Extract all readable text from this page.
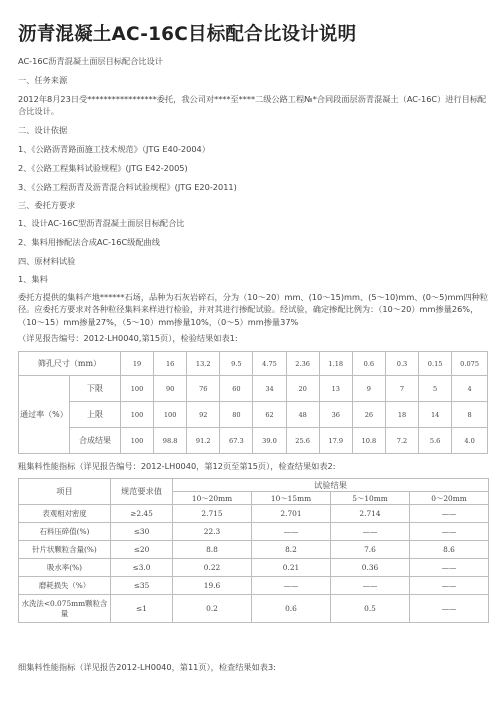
沥青混凝土AC-16C目标配合比设计说明

AC-16C沥青混凝土面层目标配合比设计

一、任务来源

2012年8月23日受*****************委托，我公司对****至****二级公路工程№*合同段面层沥青混凝土（AC-16C）进行目标配合比设计。

二、设计依据

1、《公路沥青路面施工技术规范》（JTG E40-2004）

2、《公路工程集料试验规程》(JTG E42-2005)

3、《公路工程沥青及沥青混合料试验规程》(JTG E20-2011)

三、委托方要求

1、设计AC-16C型沥青混凝土面层目标配合比

2、集料用掺配法合成AC-16C级配曲线

四、原材料试验

1、集料

委托方提供的集料产地******石场，品种为石灰岩碎石，分为（10～20）mm、(10～15)mm、(5～10)mm、(0～5)mm四种粒径。应委托方要求对各种粒径集料来样进行检验，并对其进行掺配试验。经试验，确定掺配比例为：（10～20）mm掺量26%，（10～15）mm掺量27%，（5～10）mm掺量10%，（0～5）mm掺量37%

（详见报告编号：2012-LH0040,第15页），检验结果如表1:

筛孔尺寸（mm）		19	16	13.2	9.5	4.75	2.36	1.18	0.6	0.3	0.15	0.075
通过率（%）	下限	100	90	76	60	34	20	13	9	7	5	4
	上限	100	100	92	80	62	48	36	26	18	14	8
	合成结果	100	98.8	91.2	67.3	39.0	25.6	17.9	10.8	7.2	5.6	4.0

粗集料性能指标（详见报告编号：2012-LH0040，第12页至第15页），检查结果如表2:

项目	规范要求值	试验结果			
		10～20mm	10～15mm	5～10mm	0～20mm
表观相对密度	≥2.45	2.715	2.701	2.714	——
石料压碎值(%)	≤30	22.3	——	——	——
针片状颗粒含量(%)	≤20	8.8	8.2	7.6	8.6
吸水率(%)	≤3.0	0.22	0.21	0.36	——
磨耗损失（%）	≤35	19.6	——	——	——
水洗法<0.075mm颗粒含量	≤1	0.2	0.6	0.5	——

细集料性能指标（详见报告2012-LH0040，第11页），检查结果如表3:
